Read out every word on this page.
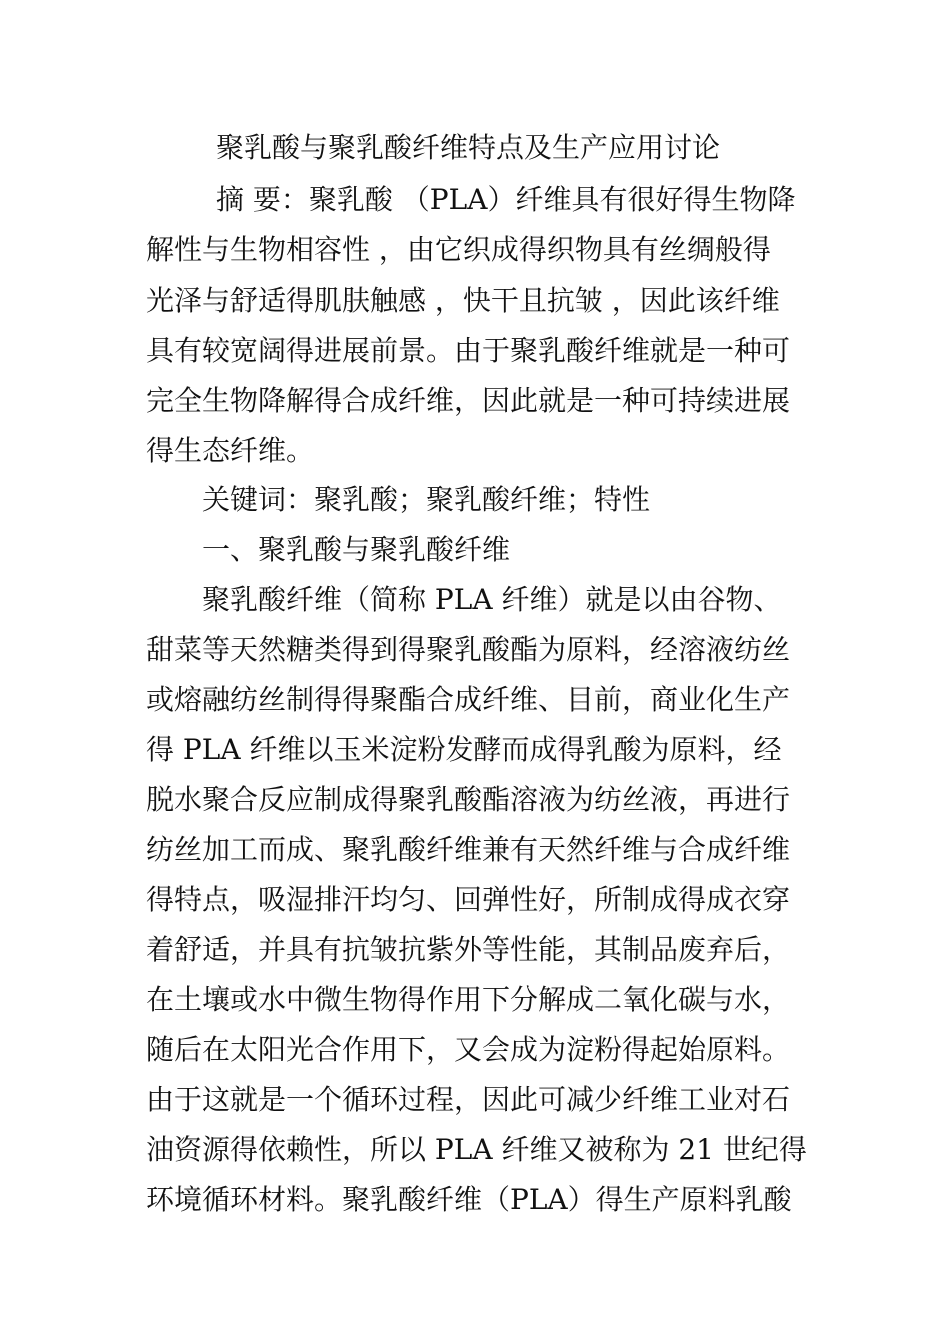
聚乳酸与聚乳酸纤维特点及生产应用讨论
摘 要：聚乳酸 （PLA）纤维具有很好得生物降
解性与生物相容性 ，由它织成得织物具有丝绸般得
光泽与舒适得肌肤触感 ，快干且抗皱 ，因此该纤维
具有较宽阔得进展前景。由于聚乳酸纤维就是一种可
完全生物降解得合成纤维，因此就是一种可持续进展
得生态纤维。
关键词：聚乳酸；聚乳酸纤维；特性
一、聚乳酸与聚乳酸纤维
聚乳酸纤维（简称 PLA 纤维）就是以由谷物、
甜菜等天然糖类得到得聚乳酸酯为原料，经溶液纺丝
或熔融纺丝制得得聚酯合成纤维、目前，商业化生产
得 PLA 纤维以玉米淀粉发酵而成得乳酸为原料，经
脱水聚合反应制成得聚乳酸酯溶液为纺丝液，再进行
纺丝加工而成、聚乳酸纤维兼有天然纤维与合成纤维
得特点，吸湿排汗均匀、回弹性好，所制成得成衣穿
着舒适，并具有抗皱抗紫外等性能，其制品废弃后，
在土壤或水中微生物得作用下分解成二氧化碳与水，
随后在太阳光合作用下，又会成为淀粉得起始原料。
由于这就是一个循环过程，因此可减少纤维工业对石
油资源得依赖性，所以 PLA 纤维又被称为 21 世纪得
环境循环材料。聚乳酸纤维（PLA）得生产原料乳酸
